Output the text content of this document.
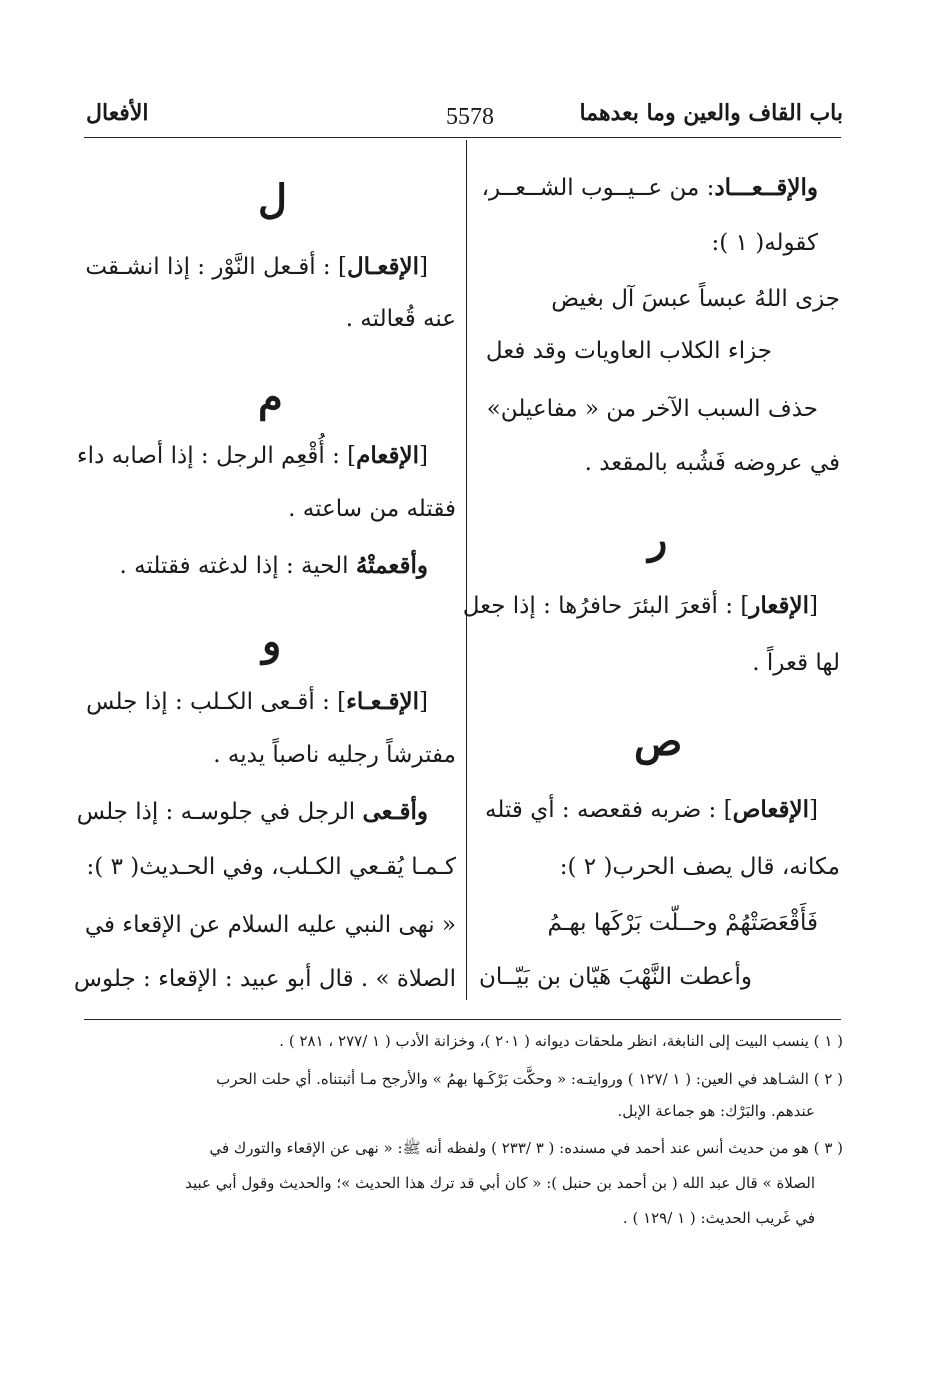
باب القاف والعين وما بعدهما
5578
الأفعال
والإقــعـــاد: من عــيــوب الشــعــر،
كقوله( ١ ):
جزى اللهُ عبساً عبسَ آل بغيض
جزاء الكلاب العاويات وقد فعل
حذف السبب الآخر من « مفاعيلن»
في عروضه فَشُبه بالمقعد .
ر
[الإقعار] : أقعرَ البئرَ حافرُها : إذا جعل
لها قعراً .
ص
[الإقعاص] : ضربه فقعصه : أي قتله
مكانه، قال يصف الحرب( ٢ ):
فَأَقْعَصَتْهُمْ وحــلّت بَرْكَها بهـمُ
وأعطت النَّهْبَ هَيّان بن بَيّــان
ل
[الإقعـال] : أقـعل النَّوْر : إذا انشـقت
عنه قُعالته .
م
[الإقعام] : أُقْعِم الرجل : إذا أصابه داء
فقتله من ساعته .
وأقعمتْهُ الحية : إذا لدغته فقتلته .
و
[الإقـعـاء] : أقـعى الكـلب : إذا جلس
مفترشاً رجليه ناصباً يديه .
وأقـعى الرجل في جلوسـه : إذا جلس
كـمـا يُقـعي الكـلب، وفي الحـديث( ٣ ):
« نهى النبي عليه السلام عن الإقعاء في
الصلاة » . قال أبو عبيد : الإقعاء : جلوس
( ١ ) ينسب البيت إلى النابغة، انظر ملحقات ديوانه ( ٢٠١ )، وخزانة الأدب ( ١ /٢٧٧ ، ٢٨١ ) .
( ٢ ) الشـاهد في العين: ( ١ /١٢٧ ) وروايتـه: « وحكَّت بَرْكَـها بهمُ » والأرجح مـا أثبتناه. أي حلت الحرب
عندهم. والبَرْك: هو جماعة الإبل.
( ٣ ) هو من حديث أنس عند أحمد في مسنده: ( ٣ /٢٣٣ ) ولفظه أنه ﷺ: « نهى عن الإقعاء والتورك في
الصلاة » قال عبد الله ( بن أحمد بن حنبل ): « كان أبي قد ترك هذا الحديث »؛ والحديث وقول أبي عبيد
في غَريب الحديث: ( ١ /١٢٩ ) .
